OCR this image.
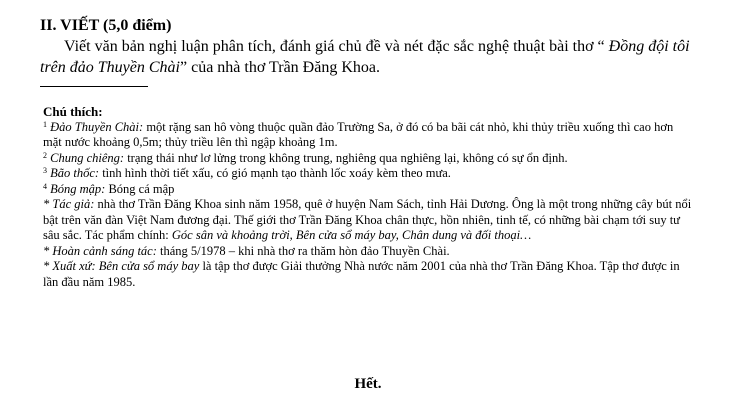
II. VIẾT (5,0 điểm)
Viết văn bản nghị luận phân tích, đánh giá chủ đề và nét đặc sắc nghệ thuật bài thơ “ Đồng đội tôi trên đảo Thuyền Chài” của nhà thơ Trần Đăng Khoa.

Chú thích:

$^1$ Đảo Thuyền Chài: một rặng san hô vòng thuộc quần đảo Trường Sa, ở đó có ba bãi cát nhỏ, khi thủy triều xuống thì cao hơn mặt nước khoảng 0,5m; thủy triều lên thì ngập khoảng 1m.

$^2$ Chung chiêng: trạng thái như lơ lửng trong không trung, nghiêng qua nghiêng lại, không có sự ổn định.

$^3$ Bão thốc: tình hình thời tiết xấu, có gió mạnh tạo thành lốc xoáy kèm theo mưa.

$^4$ Bóng mập: Bóng cá mập

* Tác giả: nhà thơ Trần Đăng Khoa sinh năm 1958, quê ở huyện Nam Sách, tỉnh Hải Dương. Ông là một trong những cây bút nổi bật trên văn đàn Việt Nam đương đại. Thế giới thơ Trần Đăng Khoa chân thực, hồn nhiên, tinh tế, có những bài chạm tới suy tư sâu sắc. Tác phẩm chính: Góc sân và khoảng trời, Bên cửa sổ máy bay, Chân dung và đối thoại…

* Hoàn cảnh sáng tác: tháng 5/1978 – khi nhà thơ ra thăm hòn đảo Thuyền Chài.

* Xuất xứ: Bên cửa sổ máy bay là tập thơ được Giải thưởng Nhà nước năm 2001 của nhà thơ Trần Đăng Khoa. Tập thơ được in lần đầu năm 1985.

Hết.
